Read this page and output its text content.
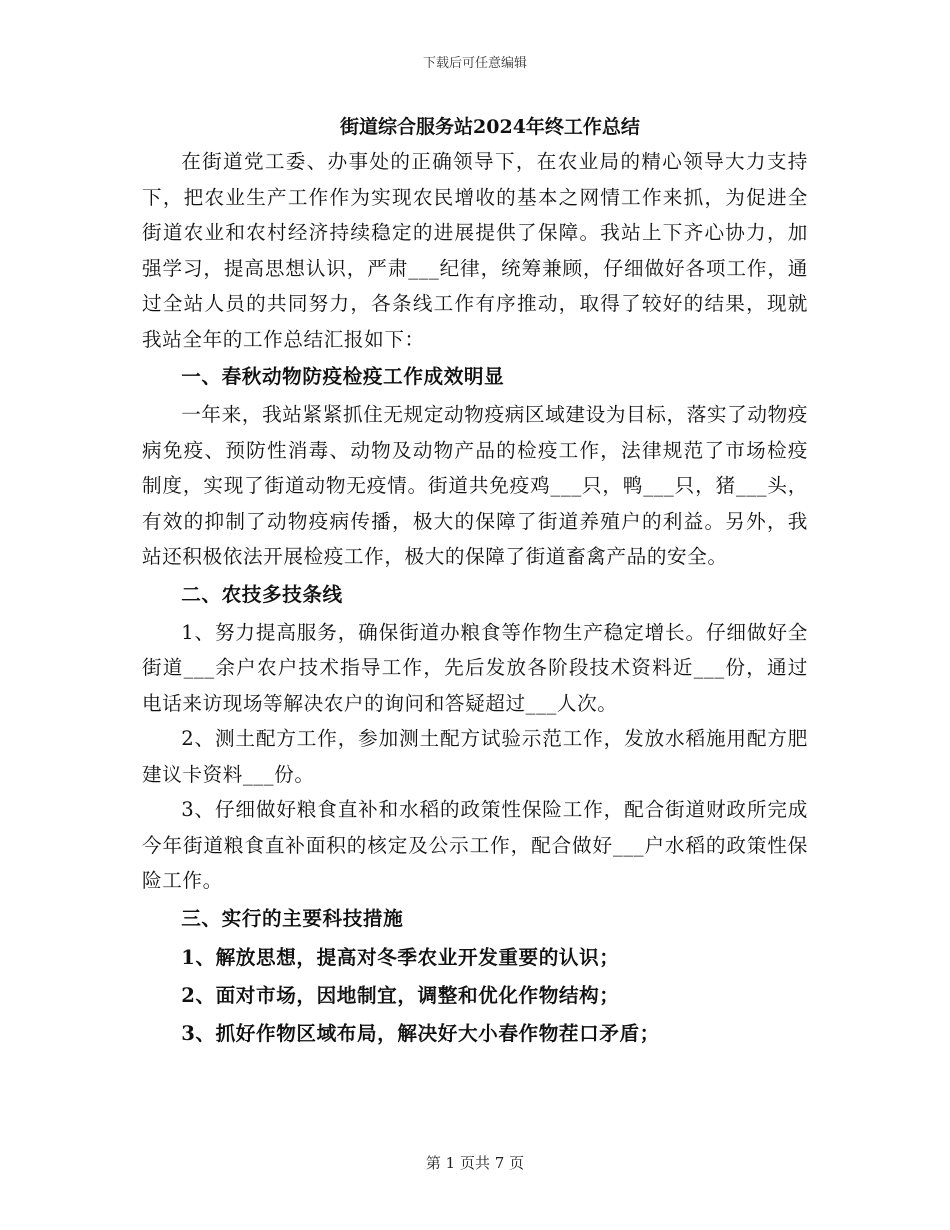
下载后可任意编辑
街道综合服务站2024年终工作总结

在街道党工委、办事处的正确领导下，在农业局的精心领导大力支持下，把农业生产工作作为实现农民增收的基本之网情工作来抓，为促进全街道农业和农村经济持续稳定的进展提供了保障。我站上下齐心协力，加强学习，提高思想认识，严肃___纪律，统筹兼顾，仔细做好各项工作，通过全站人员的共同努力，各条线工作有序推动，取得了较好的结果，现就我站全年的工作总结汇报如下：

一、春秋动物防疫检疫工作成效明显

一年来，我站紧紧抓住无规定动物疫病区域建设为目标，落实了动物疫病免疫、预防性消毒、动物及动物产品的检疫工作，法律规范了市场检疫制度，实现了街道动物无疫情。街道共免疫鸡___只，鸭___只，猪___头，有效的抑制了动物疫病传播，极大的保障了街道养殖户的利益。另外，我站还积极依法开展检疫工作，极大的保障了街道畜禽产品的安全。

二、农技多技条线

1、努力提高服务，确保街道办粮食等作物生产稳定增长。仔细做好全街道___余户农户技术指导工作，先后发放各阶段技术资料近___份，通过电话来访现场等解决农户的询问和答疑超过___人次。

2、测土配方工作，参加测土配方试验示范工作，发放水稻施用配方肥建议卡资料___份。

3、仔细做好粮食直补和水稻的政策性保险工作，配合街道财政所完成今年街道粮食直补面积的核定及公示工作，配合做好___户水稻的政策性保险工作。

三、实行的主要科技措施

1、解放思想，提高对冬季农业开发重要的认识；

2、面对市场，因地制宜，调整和优化作物结构；

3、抓好作物区域布局，解决好大小春作物茬口矛盾；

第 1 页共 7 页
